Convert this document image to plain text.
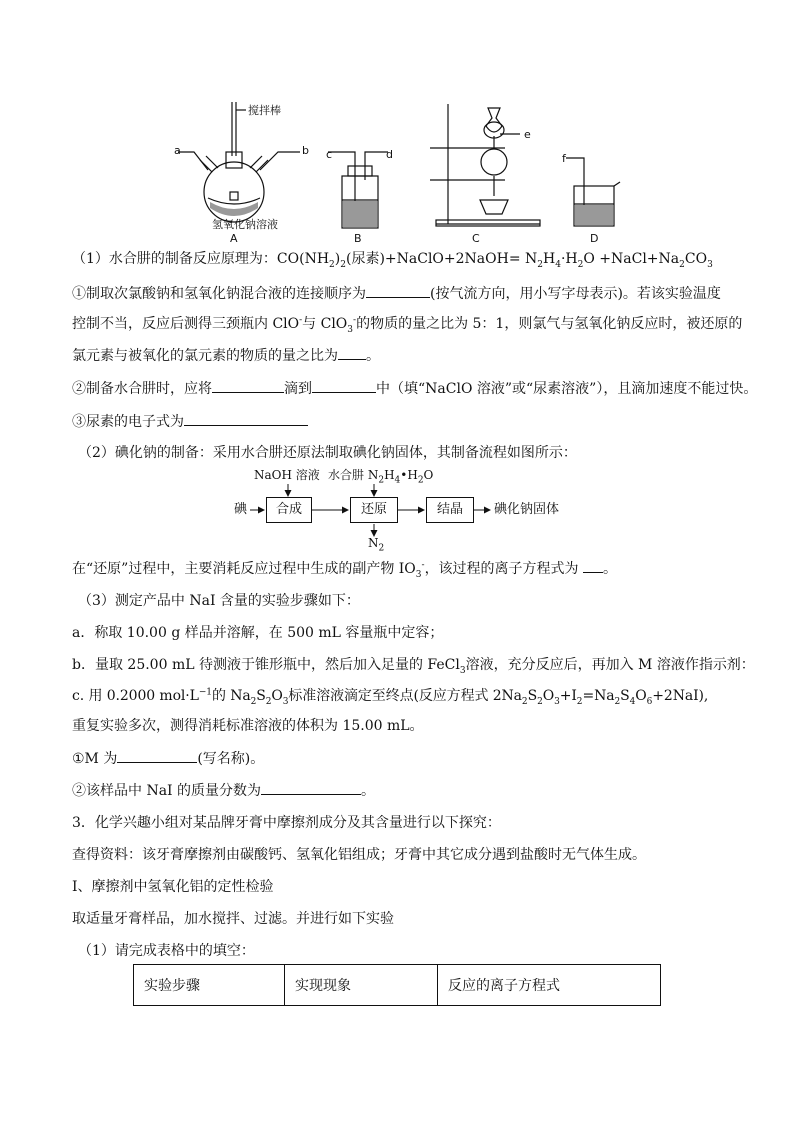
搅拌棒
a	b c	d
e
f
氢氧化钠溶液
A	B	C	D
（1）水合肼的制备反应原理为：$CO(NH_2)_2$(尿素)+NaClO+2NaOH= $N_2H_4\cdot H_2O$ $+NaCl+Na_2CO_3$
①制取次氯酸钠和氢氧化钠混合液的连接顺序为	(按气流方向，用小写字母表示)。若该实验温度
控制不当，反应后测得三颈瓶内 ClO-与 ClO$_3$-的物质的量之比为 5：1，则氯气与氢氧化钠反应时，被还原的
氯元素与被氧化的氯元素的物质的量之比为 。
②制备水合肼时，应将	滴到	中（填“NaClO 溶液”或“尿素溶液”），且滴加速度不能过快。
③尿素的电子式为
（2）碘化钠的制备：采用水合肼还原法制取碘化钠固体，其制备流程如图所示：
NaOH 溶液 水合肼 $N_2H_4•H_2O$
碘	合成	还原	结晶	碘化钠固体
$N_2$
在“还原”过程中，主要消耗反应过程中生成的副产物 $IO_3^-$，该过程的离子方程式为 。
（3）测定产品中 NaI 含量的实验步骤如下：
a．称取 10.00 g 样品并溶解，在 500 mL 容量瓶中定容；
b．量取 25.00 mL 待测液于锥形瓶中，然后加入足量的 FeCl$_3$溶液，充分反应后，再加入 M 溶液作指示剂：
c. 用 0.2000 $mol\cdot L^{-1}$的 $Na_2S_2O_3$标准溶液滴定至终点(反应方程式 $2Na_2S_2O_3+I_2=Na_2S_4O_6+2NaI$),
重复实验多次，测得消耗标准溶液的体积为 15.00 mL。
①M 为	(写名称)。
②该样品中 NaI 的质量分数为	。
3．化学兴趣小组对某品牌牙膏中摩擦剂成分及其含量进行以下探究：
查得资料：该牙膏摩擦剂由碳酸钙、氢氧化铝组成；牙膏中其它成分遇到盐酸时无气体生成。
I、摩擦剂中氢氧化铝的定性检验
取适量牙膏样品，加水搅拌、过滤。并进行如下实验
（1）请完成表格中的填空：
实验步骤	实现现象	反应的离子方程式
